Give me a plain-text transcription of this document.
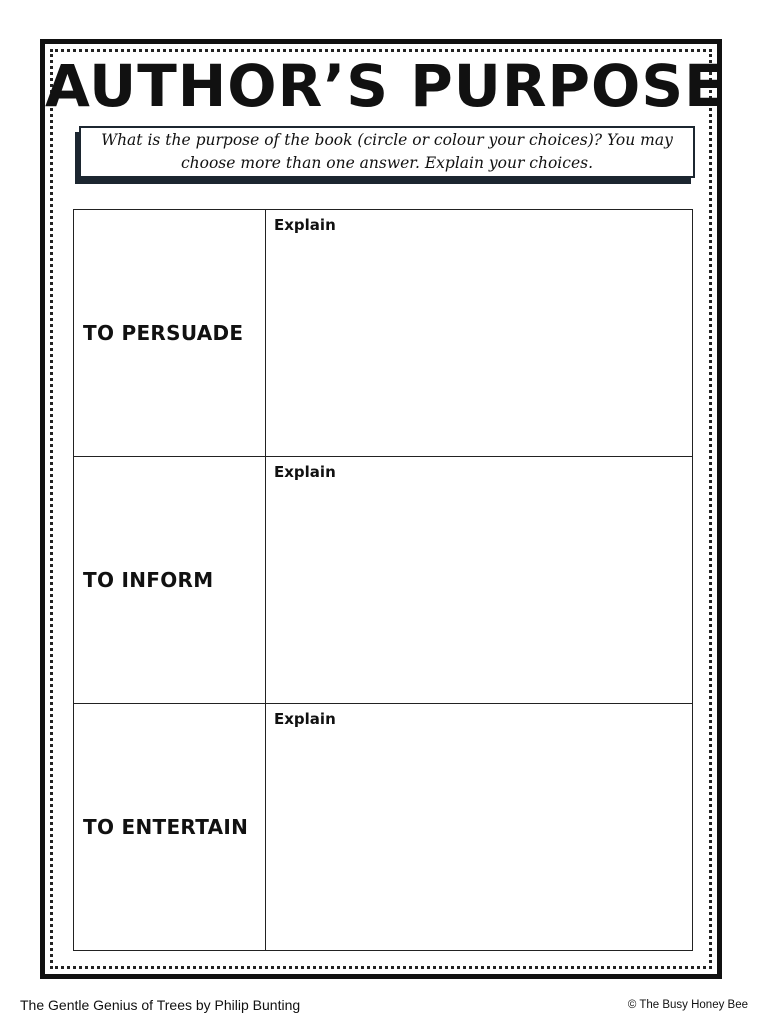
AUTHOR’S PURPOSE
What is the purpose of the book (circle or colour your choices)? You may choose more than one answer. Explain your choices.
TO PERSUADE	Explain

TO INFORM	Explain

TO ENTERTAIN	Explain
The Gentle Genius of Trees by Philip Bunting	© The Busy Honey Bee
